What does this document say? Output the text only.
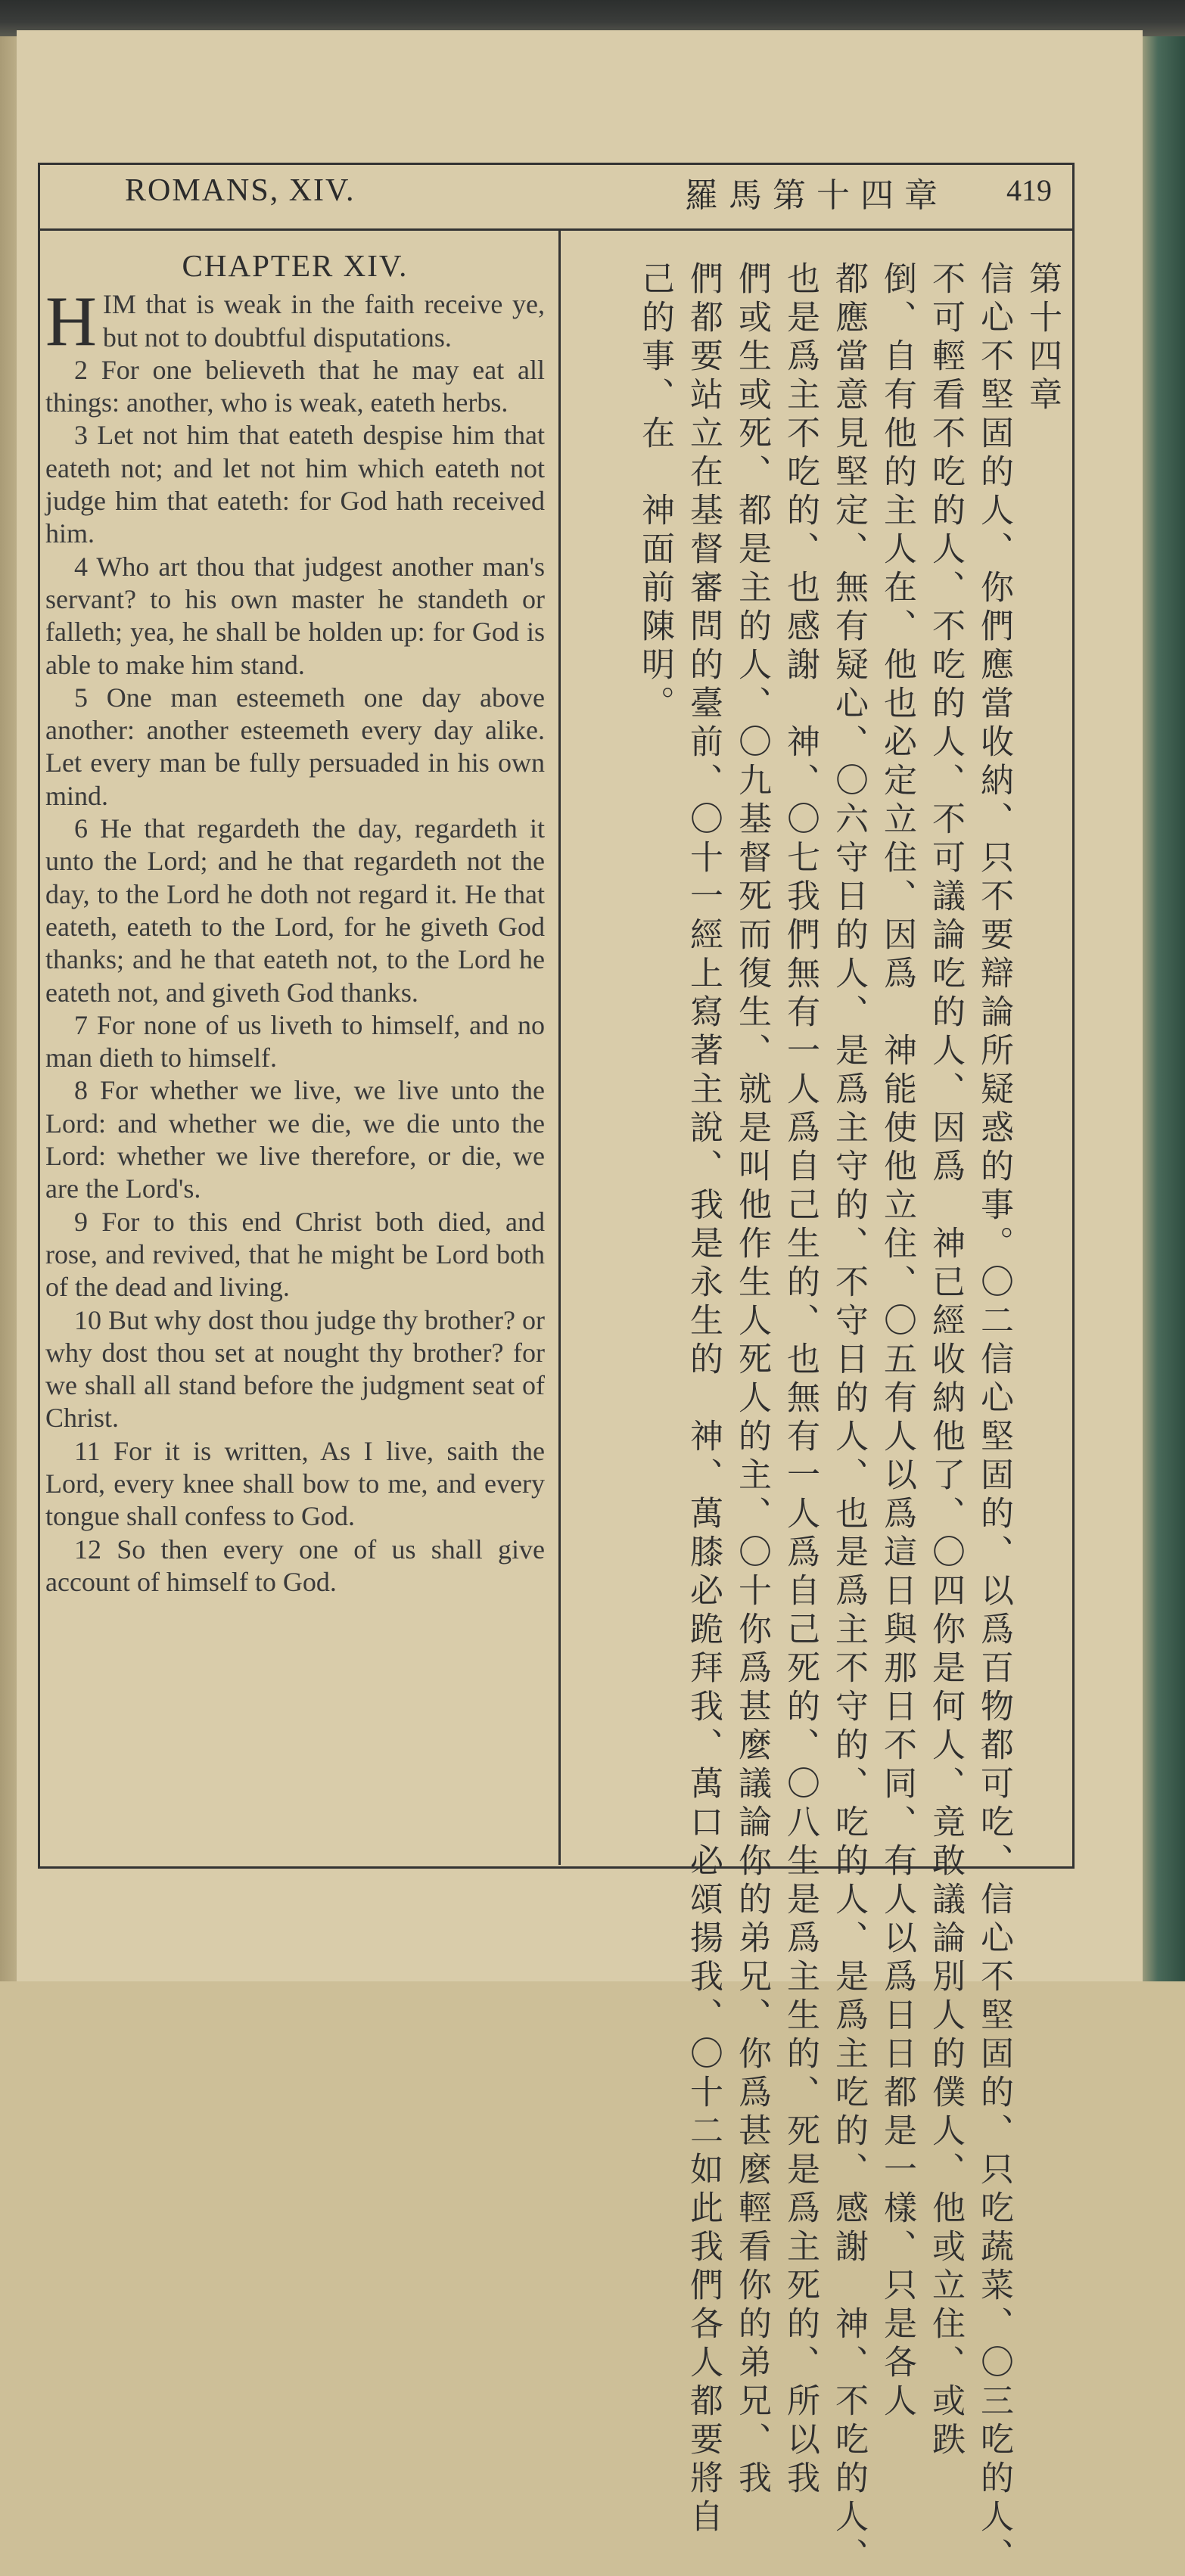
ROMANS, XIV.	羅馬第十四章 419
CHAPTER XIV.

HIM that is weak in the faith receive ye, but not to doubtful disputations.

2 For one believeth that he may eat all things: another, who is weak, eateth herbs.

3 Let not him that eateth despise him that eateth not; and let not him which eateth not judge him that eateth: for God hath received him.

4 Who art thou that judgest another man's servant? to his own master he standeth or falleth; yea, he shall be holden up: for God is able to make him stand.

5 One man esteemeth one day above another: another esteemeth every day alike. Let every man be fully persuaded in his own mind.

6 He that regardeth the day, regardeth it unto the Lord; and he that regardeth not the day, to the Lord he doth not regard it. He that eateth, eateth to the Lord, for he giveth God thanks; and he that eateth not, to the Lord he eateth not, and giveth God thanks.

7 For none of us liveth to himself, and no man dieth to himself.

8 For whether we live, we live unto the Lord: and whether we die, we die unto the Lord: whether we live therefore, or die, we are the Lord's.

9 For to this end Christ both died, and rose, and revived, that he might be Lord both of the dead and living.

10 But why dost thou judge thy brother? or why dost thou set at nought thy brother? for we shall all stand before the judgment seat of Christ.

11 For it is written, As I live, saith the Lord, every knee shall bow to me, and every tongue shall confess to God.

12 So then every one of us shall give account of himself to God.

第十四章
信心不堅固的人、你們應當收納、只不要辯論所疑惑的事。〇二信心堅固的、以爲百物都可吃、信心不堅固的、只吃蔬菜、〇三吃的人、
不可輕看不吃的人、不吃的人、不可議論吃的人、因爲　神已經收納他了、〇四你是何人、竟敢議論別人的僕人、他或立住、或跌
倒、自有他的主人在、他也必定立住、因爲　神能使他立住、〇五有人以爲這日與那日不同、有人以爲日日都是一樣、只是各人
都應當意見堅定、無有疑心、〇六守日的人、是爲主守的、不守日的人、也是爲主不守的、吃的人、是爲主吃的、感謝　神、不吃的人、
也是爲主不吃的、也感謝　神、〇七我們無有一人爲自己生的、也無有一人爲自己死的、〇八生是爲主生的、死是爲主死的、所以我
們或生或死、都是主的人、〇九基督死而復生、就是叫他作生人死人的主、〇十你爲甚麼議論你的弟兄、你爲甚麼輕看你的弟兄、我
們都要站立在基督審問的臺前、〇十一經上寫著主說、我是永生的　神、萬膝必跪拜我、萬口必頌揚我、〇十二如此我們各人都要將自
己的事、在　神面前陳明。
